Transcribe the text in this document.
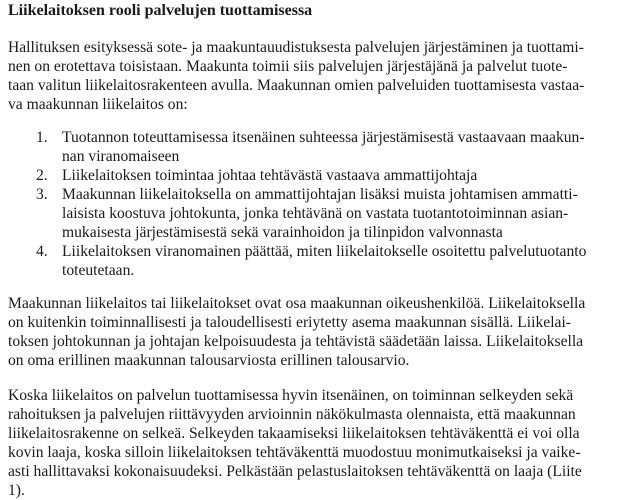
Liikelaitoksen rooli palvelujen tuottamisessa
Hallituksen esityksessä sote- ja maakuntauudistuksesta palvelujen järjestäminen ja tuottami-
nen on erotettava toisistaan. Maakunta toimii siis palvelujen järjestäjänä ja palvelut tuote-
taan valitun liikelaitosrakenteen avulla. Maakunnan omien palveluiden tuottamisesta vastaa-
va maakunnan liikelaitos on:
1. Tuotannon toteuttamisessa itsenäinen suhteessa järjestämisestä vastaavaan maakun-
nan viranomaiseen
2. Liikelaitoksen toimintaa johtaa tehtävästä vastaava ammattijohtaja
3. Maakunnan liikelaitoksella on ammattijohtajan lisäksi muista johtamisen ammatti-
laisista koostuva johtokunta, jonka tehtävänä on vastata tuotantotoiminnan asian-
mukaisesta järjestämisestä sekä varainhoidon ja tilinpidon valvonnasta
4. Liikelaitoksen viranomainen päättää, miten liikelaitokselle osoitettu palvelutuotanto
toteutetaan.
Maakunnan liikelaitos tai liikelaitokset ovat osa maakunnan oikeushenkilöä. Liikelaitoksella
on kuitenkin toiminnallisesti ja taloudellisesti eriytetty asema maakunnan sisällä. Liikelai-
toksen johtokunnan ja johtajan kelpoisuudesta ja tehtävistä säädetään laissa. Liikelaitoksella
on oma erillinen maakunnan talousarviosta erillinen talousarvio.
Koska liikelaitos on palvelun tuottamisessa hyvin itsenäinen, on toiminnan selkeyden sekä
rahoituksen ja palvelujen riittävyyden arvioinnin näkökulmasta olennaista, että maakunnan
liikelaitosrakenne on selkeä. Selkeyden takaamiseksi liikelaitoksen tehtäväkenttä ei voi olla
kovin laaja, koska silloin liikelaitoksen tehtäväkenttä muodostuu monimutkaiseksi ja vaike-
asti hallittavaksi kokonaisuudeksi. Pelkästään pelastuslaitoksen tehtäväkenttä on laaja (Liite
1).
